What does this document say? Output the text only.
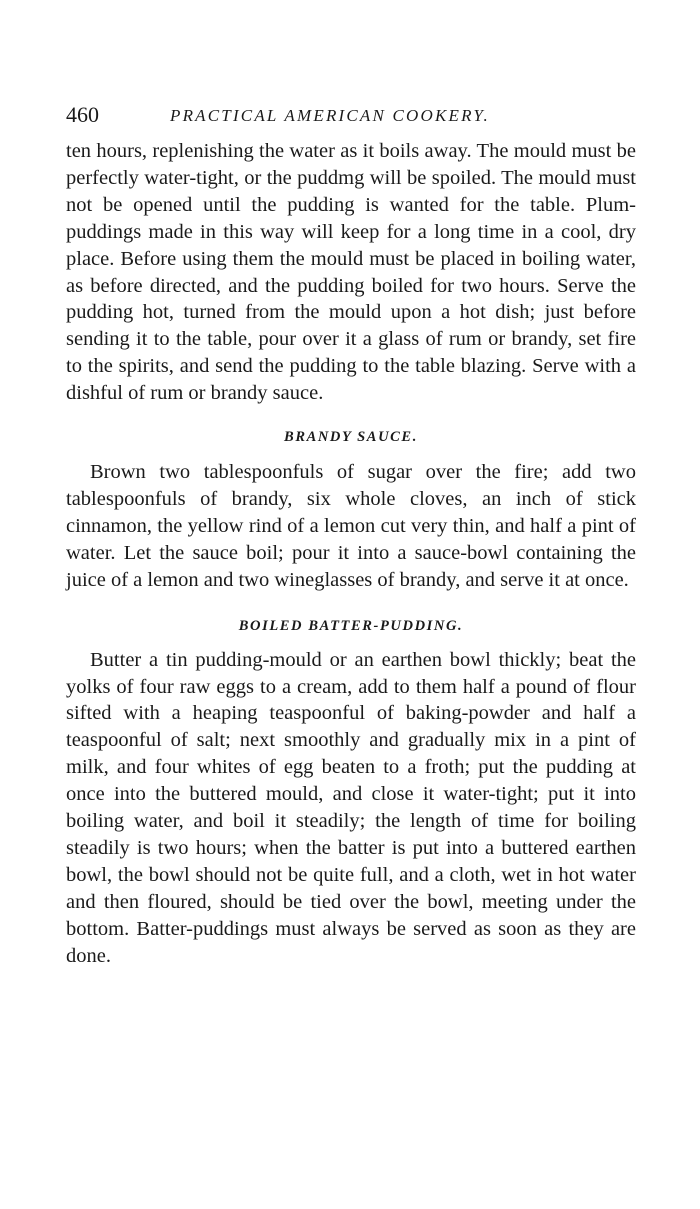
460	PRACTICAL AMERICAN COOKERY.

ten hours, replenishing the water as it boils away. The mould must be perfectly water-tight, or the puddmg will be spoiled. The mould must not be opened until the pudding is wanted for the table. Plum-puddings made in this way will keep for a long time in a cool, dry place. Before using them the mould must be placed in boiling water, as before directed, and the pudding boiled for two hours. Serve the pudding hot, turned from the mould upon a hot dish; just before sending it to the table, pour over it a glass of rum or brandy, set fire to the spirits, and send the pudding to the table blazing. Serve with a dishful of rum or brandy sauce.

BRANDY SAUCE.

Brown two tablespoonfuls of sugar over the fire; add two tablespoonfuls of brandy, six whole cloves, an inch of stick cinnamon, the yellow rind of a lemon cut very thin, and half a pint of water. Let the sauce boil; pour it into a sauce-bowl containing the juice of a lemon and two wineglasses of brandy, and serve it at once.

BOILED BATTER-PUDDING.

Butter a tin pudding-mould or an earthen bowl thickly; beat the yolks of four raw eggs to a cream, add to them half a pound of flour sifted with a heaping teaspoonful of baking-powder and half a teaspoonful of salt; next smoothly and gradually mix in a pint of milk, and four whites of egg beaten to a froth; put the pudding at once into the buttered mould, and close it water-tight; put it into boiling water, and boil it steadily; the length of time for boiling steadily is two hours; when the batter is put into a buttered earthen bowl, the bowl should not be quite full, and a cloth, wet in hot water and then floured, should be tied over the bowl, meeting under the bottom. Batter-puddings must always be served as soon as they are done.
